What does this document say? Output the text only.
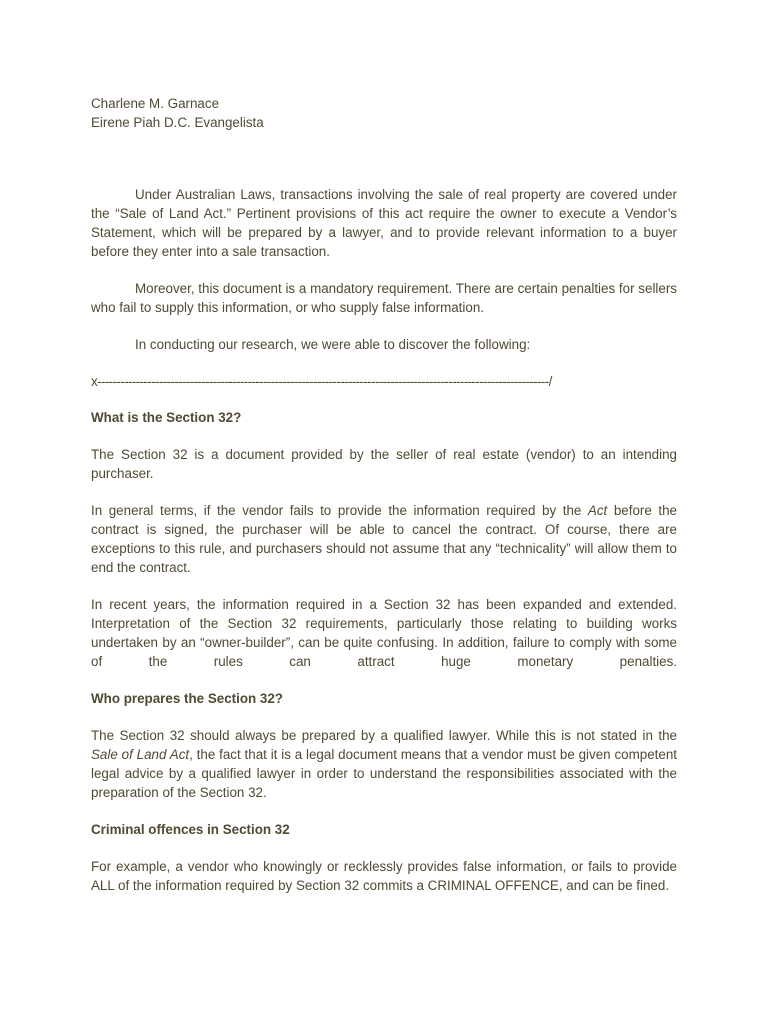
Charlene M. Garnace
Eirene Piah D.C. Evangelista

Under Australian Laws, transactions involving the sale of real property are covered under the “Sale of Land Act.” Pertinent provisions of this act require the owner to execute a Vendor’s Statement, which will be prepared by a lawyer, and to provide relevant information to a buyer before they enter into a sale transaction.

Moreover, this document is a mandatory requirement. There are certain penalties for sellers who fail to supply this information, or who supply false information.

In conducting our research, we were able to discover the following:

x---------------------------------------------------------------------------------------------------------------------/
What is the Section 32?

The Section 32 is a document provided by the seller of real estate (vendor) to an intending purchaser.

In general terms, if the vendor fails to provide the information required by the Act before the contract is signed, the purchaser will be able to cancel the contract. Of course, there are exceptions to this rule, and purchasers should not assume that any “technicality” will allow them to end the contract.

In recent years, the information required in a Section 32 has been expanded and extended. Interpretation of the Section 32 requirements, particularly those relating to building works undertaken by an “owner-builder”, can be quite confusing. In addition, failure to comply with some of the rules can attract huge monetary penalties.

Who prepares the Section 32?

The Section 32 should always be prepared by a qualified lawyer. While this is not stated in the Sale of Land Act, the fact that it is a legal document means that a vendor must be given competent legal advice by a qualified lawyer in order to understand the responsibilities associated with the preparation of the Section 32.

Criminal offences in Section 32

For example, a vendor who knowingly or recklessly provides false information, or fails to provide ALL of the information required by Section 32 commits a CRIMINAL OFFENCE, and can be fined.
